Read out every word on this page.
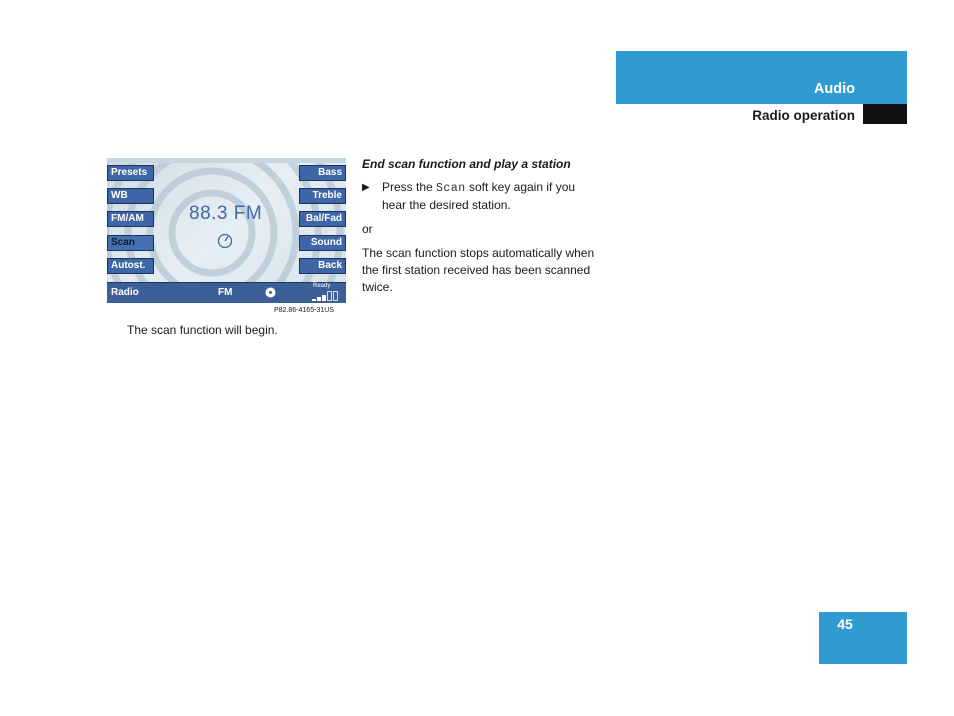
Audio
Radio operation
Presets
WB
FM/AM
Scan
Autost.
Bass
Treble
Bal/Fad
Sound
Back
88.3 FM
Radio	FM
Ready
P82.86-4165-31US
The scan function will begin.
End scan function and play a station
▶ Press the Scan soft key again if you hear the desired station.

or

The scan function stops automatically when the first station received has been scanned twice.

45
